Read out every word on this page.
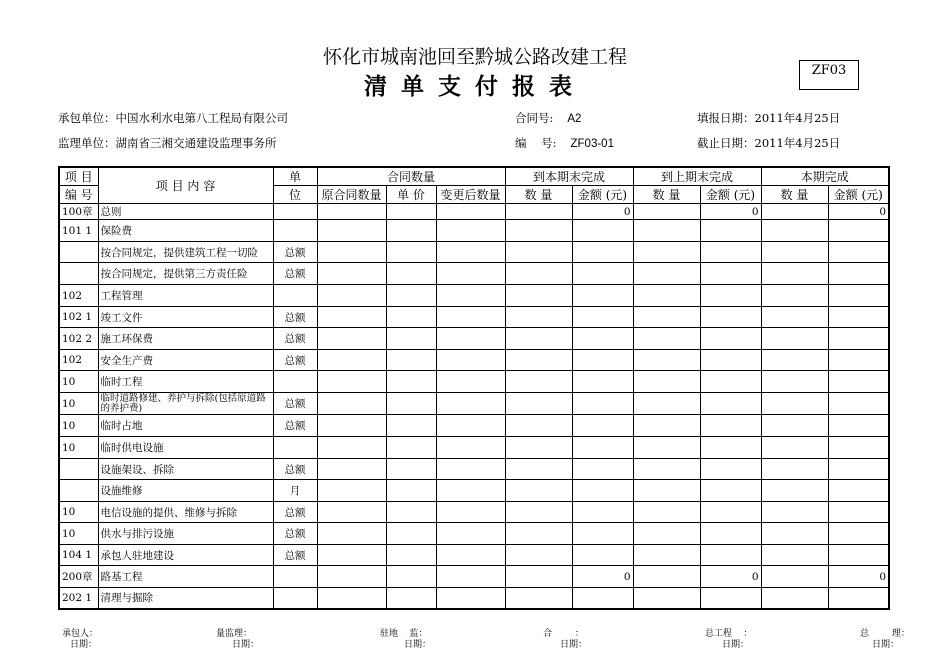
怀化市城南池回至黔城公路改建工程
清单支付报表
ZF03
承包单位：中国水利水电第八工程局有限公司
监理单位：湖南省三湘交通建设监理事务所
合同号: A2
编    号: ZF03-01
填报日期：2011年4月25日
截止日期：2011年4月25日
项 目	项 目 内 容	单	合同数量			到本期末完成		到上期末完成		本期完成	
编 号		位	原合同数量	单 价	变更后数量	数 量	金额 (元)	数 量	金额 (元)	数 量	金额 (元)
100章	总则						0		0		0
101 1	保险费										
	按合同规定，提供建筑工程一切险	总额									
	按合同规定，提供第三方责任险	总额									
102	工程管理										
102 1	竣工文件	总额									
102 2	施工环保费	总额									
102	安全生产费	总额									
10	临时工程										
10	临时道路修建、养护与拆除(包括原道路的养护费)	总额									
10	临时占地	总额									
10	临时供电设施										
	设施架设、拆除	总额									
	设施维修	月									
10	电信设施的提供、维修与拆除	总额									
10	供水与排污设施	总额									
104 1	承包人驻地建设	总额									
200章	路基工程						0		0		0
202 1	清理与掘除										
承包人：
日期：
量监理：
日期：
驻地    监：
日期：
合        ：
日期：
总工程    ：
日期：
总        理：
日期：
